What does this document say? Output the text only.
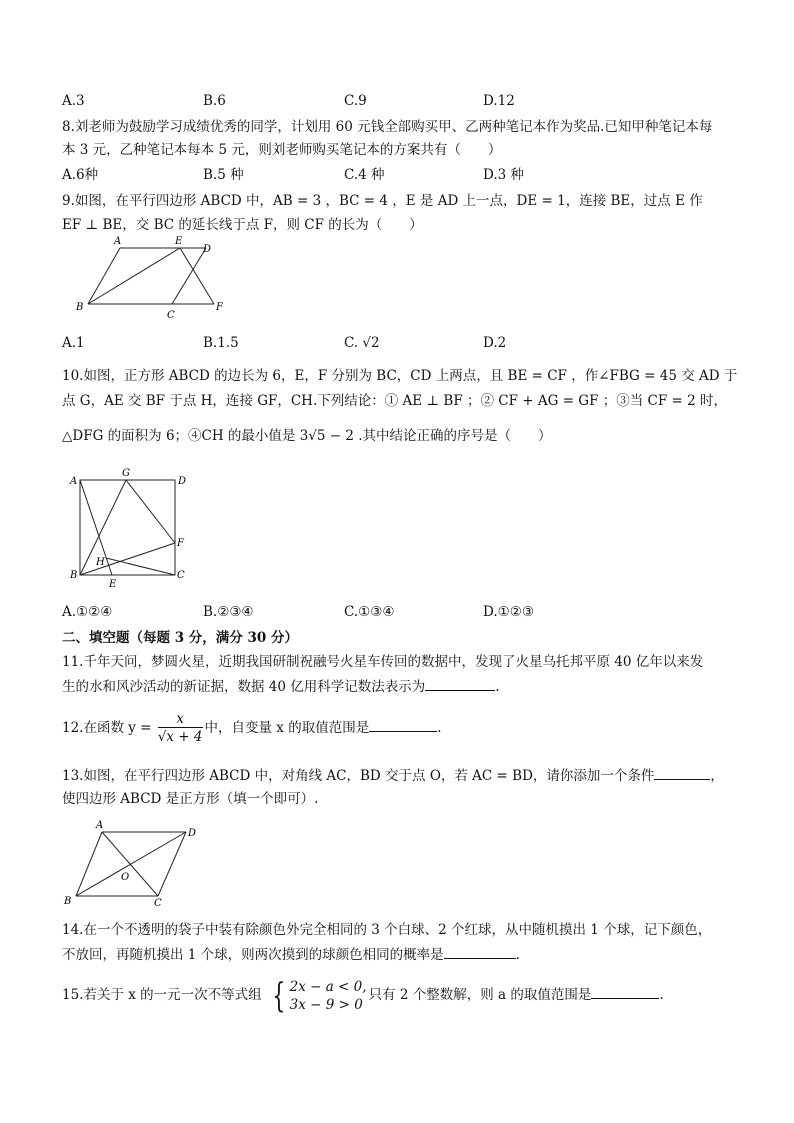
A.3	B.6	C.9	D.12
8.刘老师为鼓励学习成绩优秀的同学，计划用 60 元钱全部购买甲、乙两种笔记本作为奖品.已知甲种笔记本每
本 3 元，乙种笔记本每本 5 元，则刘老师购买笔记本的方案共有（　　）
A.6种	B.5 种	C.4 种	D.3 种
9.如图，在平行四边形 ABCD 中，AB = 3 ，BC = 4 ，E 是 AD 上一点，DE = 1，连接 BE，过点 E 作
EF ⊥ BE，交 BC 的延长线于点 F，则 CF 的长为（　　）
A	E
D
B
C
F
A.1	B.1.5	C. √2	D.2
10.如图，正方形 ABCD 的边长为 6，E，F 分别为 BC，CD 上两点，且 BE = CF ，作∠FBG = 45 交 AD 于
点 G，AE 交 BF 于点 H，连接 GF，CH.下列结论：① AE ⊥ BF ；② CF + AG = GF ；③当 CF = 2 时，
△DFG 的面积为 6；④CH 的最小值是 3√5 − 2 .其中结论正确的序号是（　　）
A
G
D
F
H
B
E
C
A.①②④	B.②③④	C.①③④	D.①②③
二、填空题（每题 3 分，满分 30 分）
11.千年天问，梦圆火星，近期我国研制祝融号火星车传回的数据中，发现了火星乌托邦平原 40 亿年以来发
生的水和风沙活动的新证据，数据 40 亿用科学记数法表示为	.
12.在函数 $y = \frac{x}{√x + 4}$ 中，自变量 x 的取值范围是	.
13.如图，在平行四边形 ABCD 中，对角线 AC，BD 交于点 O，若 AC = BD，请你添加一个条件	，
使四边形 ABCD 是正方形（填一个即可）.
A
D
O
B	C
14.在一个不透明的袋子中装有除颜色外完全相同的 3 个白球、2 个红球，从中随机摸出 1 个球，记下颜色，
不放回，再随机摸出 1 个球，则两次摸到的球颜色相同的概率是	.
15.若关于 x 的一元一次不等式组 { 2x − a < 0,
3x − 9 > 0
只有 2 个整数解，则 a 的取值范围是	.
